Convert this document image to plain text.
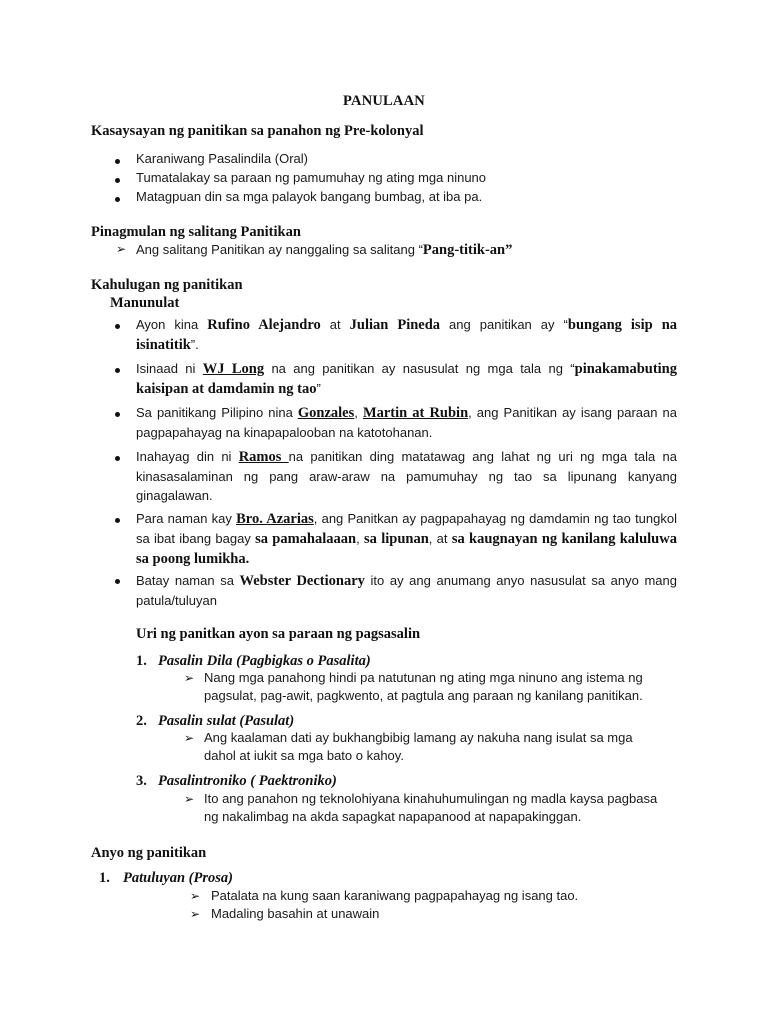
PANULAAN
Kasaysayan ng panitikan sa panahon ng Pre-kolonyal
Karaniwang Pasalindila (Oral)
Tumatalakay sa paraan ng pamumuhay ng ating mga ninuno
Matagpuan din sa mga palayok bangang bumbag, at iba pa.
Pinagmulan ng salitang Panitikan
➢ Ang salitang Panitikan ay nanggaling sa salitang “Pang-titik-an”
Kahulugan ng panitikan
Manunulat
Ayon kina Rufino Alejandro at Julian Pineda ang panitikan ay “bungang isip na isinatitik”.
Isinaad ni WJ Long na ang panitikan ay nasusulat ng mga tala ng “pinakamabuting kaisipan at damdamin ng tao”
Sa panitikang Pilipino nina Gonzales, Martin at Rubin, ang Panitikan ay isang paraan na pagpapahayag na kinapapalooban na katotohanan.
Inahayag din ni Ramos na panitikan ding matatawag ang lahat ng uri ng mga tala na kinasasalaminan ng pang araw-araw na pamumuhay ng tao sa lipunang kanyang ginagalawan.
Para naman kay Bro. Azarias, ang Panitkan ay pagpapahayag ng damdamin ng tao tungkol sa ibat ibang bagay sa pamahalaaan, sa lipunan, at sa kaugnayan ng kanilang kaluluwa sa poong lumikha.
Batay naman sa Webster Dectionary ito ay ang anumang anyo nasusulat sa anyo mang patula/tuluyan
Uri ng panitkan ayon sa paraan ng pagsasalin
1. Pasalin Dila (Pagbigkas o Pasalita)
➢ Nang mga panahong hindi pa natutunan ng ating mga ninuno ang istema ng
pagsulat, pag-awit, pagkwento, at pagtula ang paraan ng kanilang panitikan.
2. Pasalin sulat (Pasulat)
➢ Ang kaalaman dati ay bukhangbibig lamang ay nakuha nang isulat sa mga
dahol at iukit sa mga bato o kahoy.
3. Pasalintroniko ( Paektroniko)
➢ Ito ang panahon ng teknolohiyana kinahuhumulingan ng madla kaysa pagbasa
ng nakalimbag na akda sapagkat napapanood at napapakinggan.
Anyo ng panitikan
1. Patuluyan (Prosa)
➢ Patalata na kung saan karaniwang pagpapahayag ng isang tao.
➢ Madaling basahin at unawain
